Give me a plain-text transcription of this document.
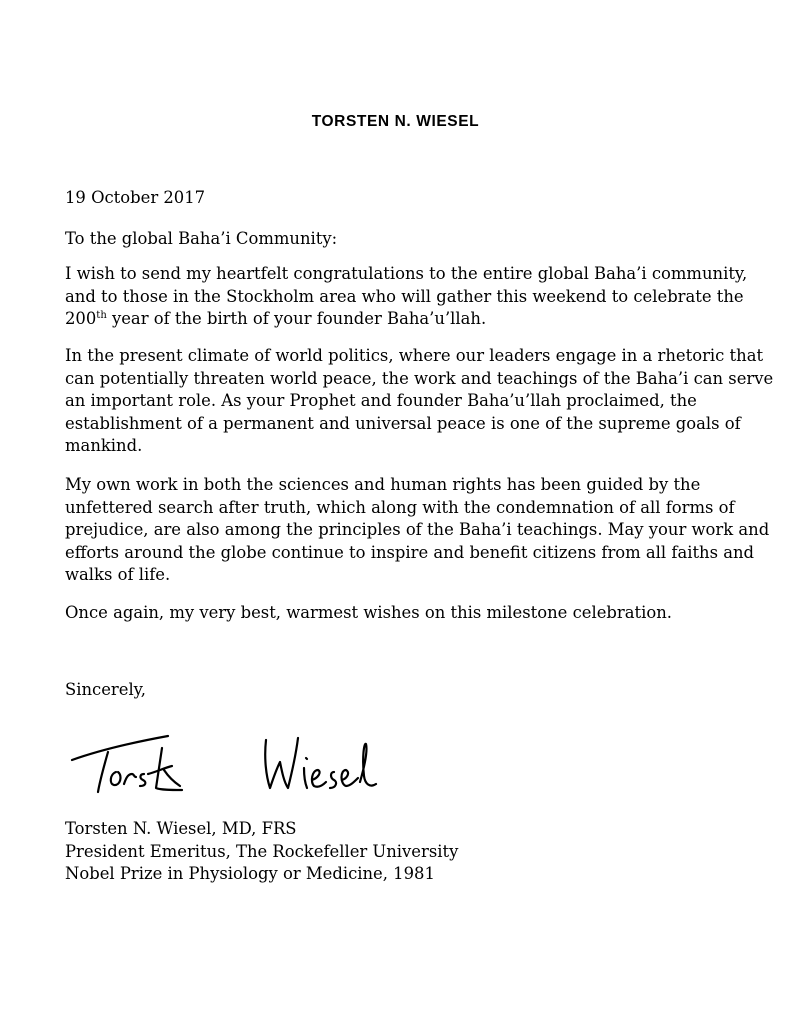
TORSTEN N. WIESEL
19 October 2017
To the global Baha’i Community:
I wish to send my heartfelt congratulations to the entire global Baha’i community,
and to those in the Stockholm area who will gather this weekend to celebrate the
200th year of the birth of your founder Baha’u’llah.
In the present climate of world politics, where our leaders engage in a rhetoric that
can potentially threaten world peace, the work and teachings of the Baha’i can serve
an important role. As your Prophet and founder Baha’u’llah proclaimed, the
establishment of a permanent and universal peace is one of the supreme goals of
mankind.
My own work in both the sciences and human rights has been guided by the
unfettered search after truth, which along with the condemnation of all forms of
prejudice, are also among the principles of the Baha’i teachings. May your work and
efforts around the globe continue to inspire and benefit citizens from all faiths and
walks of life.
Once again, my very best, warmest wishes on this milestone celebration.
Sincerely,
Torsten N. Wiesel, MD, FRS
President Emeritus, The Rockefeller University
Nobel Prize in Physiology or Medicine, 1981
